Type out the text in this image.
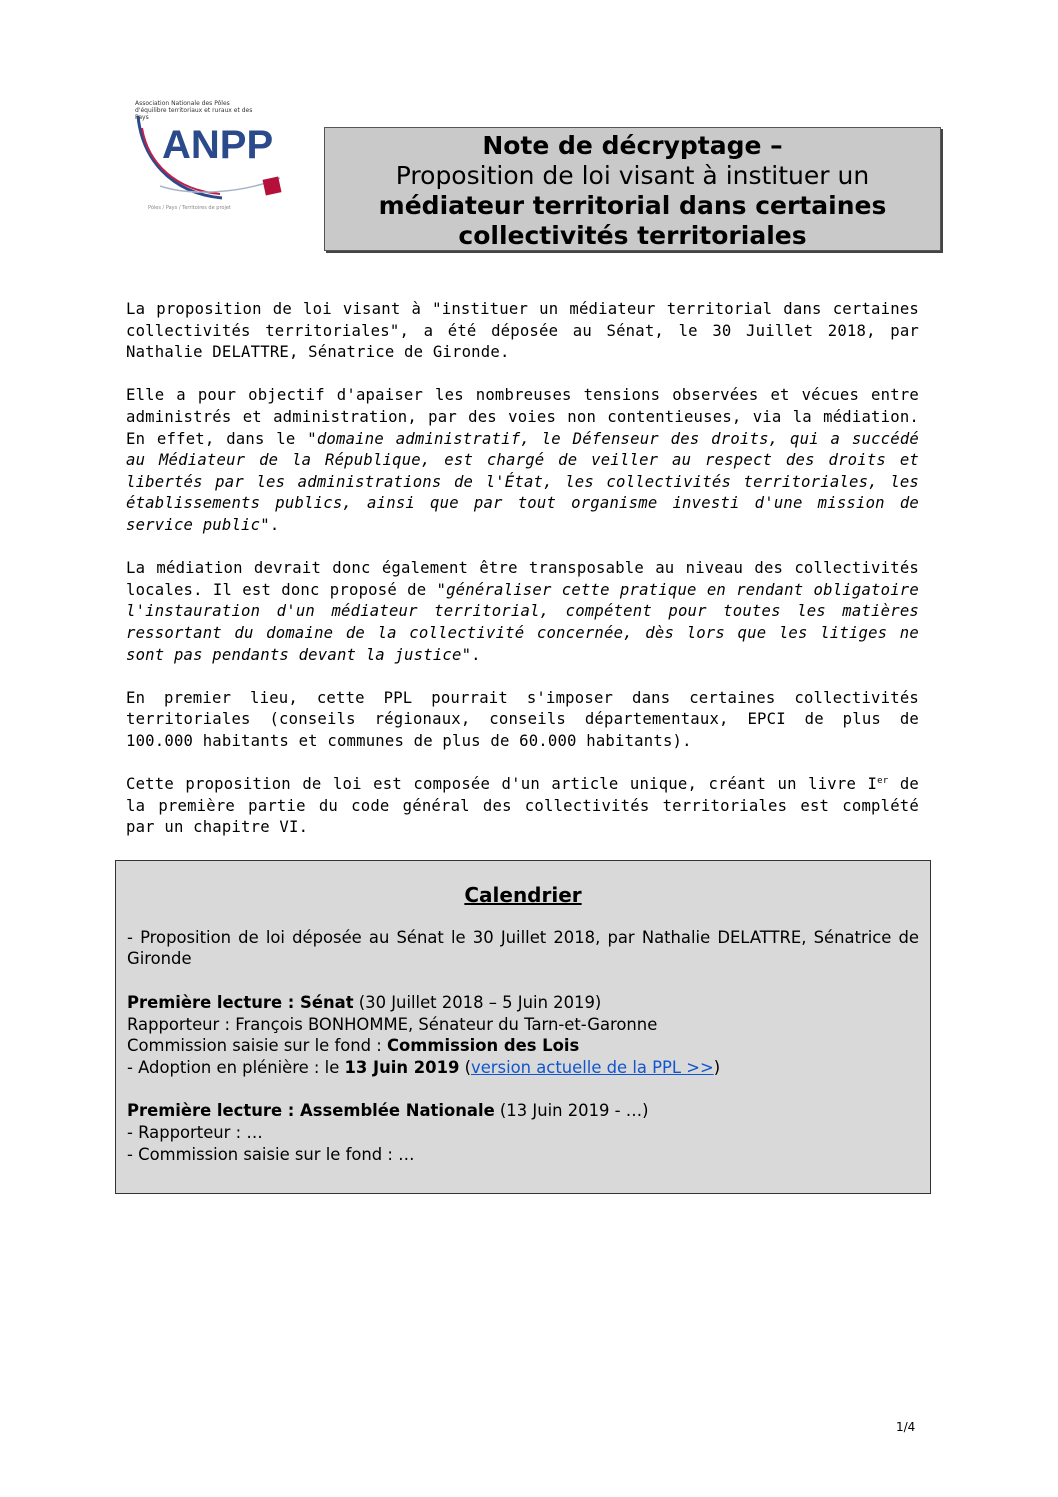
ANPP
Association Nationale des Pôles d'équilibre territoriaux et ruraux et des Pays
Pôles / Pays / Territoires de projet
Note de décryptage –
Proposition de loi visant à instituer un
médiateur territorial dans certaines
collectivités territoriales

La proposition de loi visant à "instituer un médiateur territorial dans certaines collectivités territoriales", a été déposée au Sénat, le 30 Juillet 2018, par Nathalie DELATTRE, Sénatrice de Gironde.

Elle a pour objectif d'apaiser les nombreuses tensions observées et vécues entre administrés et administration, par des voies non contentieuses, via la médiation. En effet, dans le "domaine administratif, le Défenseur des droits, qui a succédé au Médiateur de la République, est chargé de veiller au respect des droits et libertés par les administrations de l'État, les collectivités territoriales, les établissements publics, ainsi que par tout organisme investi d'une mission de service public".

La médiation devrait donc également être transposable au niveau des collectivités locales. Il est donc proposé de "généraliser cette pratique en rendant obligatoire l'instauration d'un médiateur territorial, compétent pour toutes les matières ressortant du domaine de la collectivité concernée, dès lors que les litiges ne sont pas pendants devant la justice".

En premier lieu, cette PPL pourrait s'imposer dans certaines collectivités territoriales (conseils régionaux, conseils départementaux, EPCI de plus de 100.000 habitants et communes de plus de 60.000 habitants).

Cette proposition de loi est composée d'un article unique, créant un livre Ier de la première partie du code général des collectivités territoriales est complété par un chapitre VI.

Calendrier

- Proposition de loi déposée au Sénat le 30 Juillet 2018, par Nathalie DELATTRE, Sénatrice de Gironde

Première lecture : Sénat (30 Juillet 2018 – 5 Juin 2019)
Rapporteur : François BONHOMME, Sénateur du Tarn-et-Garonne
Commission saisie sur le fond : Commission des Lois
- Adoption en plénière : le 13 Juin 2019 (version actuelle de la PPL >>)

Première lecture : Assemblée Nationale (13 Juin 2019 - …)
- Rapporteur : …
- Commission saisie sur le fond : …

1/4
